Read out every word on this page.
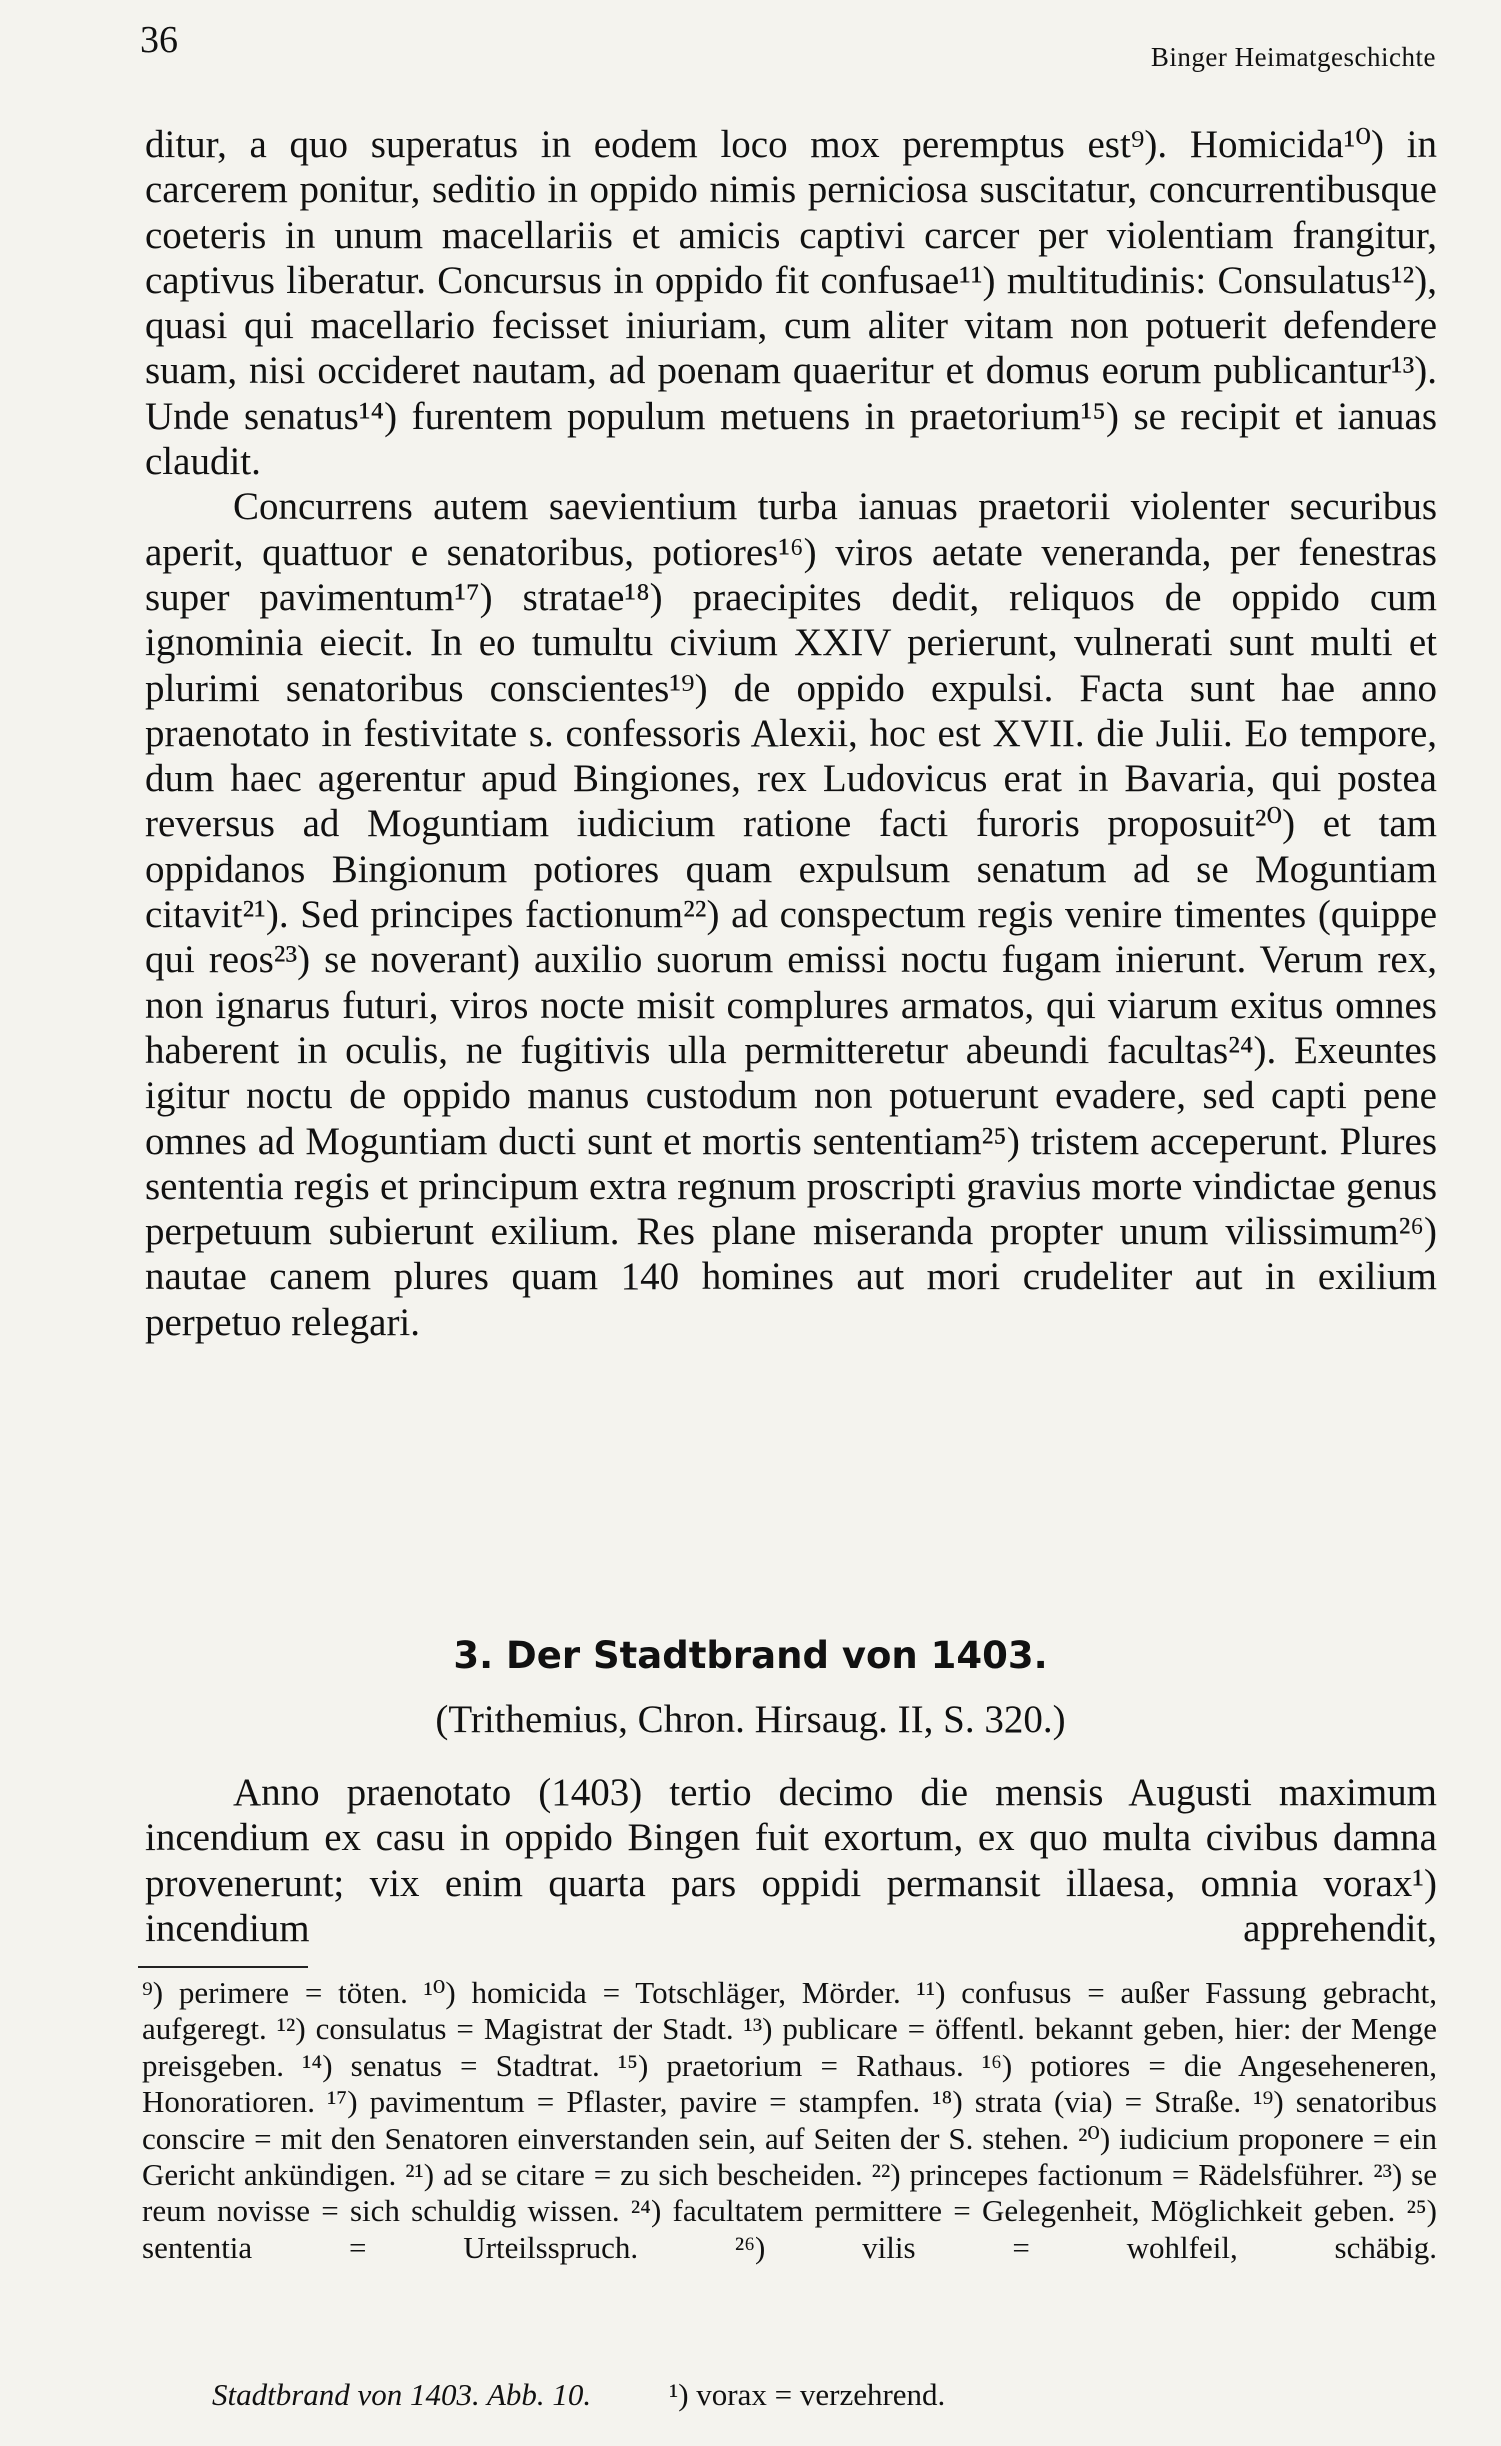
36	Binger Heimatgeschichte

ditur, a quo superatus in eodem loco mox peremptus est⁹). Homicida¹⁰) in carcerem ponitur, seditio in oppido nimis perniciosa suscitatur, concurrentibusque coeteris in unum macellariis et amicis captivi carcer per violentiam frangitur, captivus liberatur. Concursus in oppido fit confusae¹¹) multitudinis: Consulatus¹²), quasi qui macellario fecisset iniuriam, cum aliter vitam non potuerit defendere suam, nisi occideret nautam, ad poenam quaeritur et domus eorum publicantur¹³). Unde senatus¹⁴) furentem populum metuens in praetorium¹⁵) se recipit et ianuas claudit.

Concurrens autem saevientium turba ianuas praetorii violenter securibus aperit, quattuor e senatoribus, potiores¹⁶) viros aetate veneranda, per fenestras super pavimentum¹⁷) stratae¹⁸) praecipites dedit, reliquos de oppido cum ignominia eiecit. In eo tumultu civium XXIV perierunt, vulnerati sunt multi et plurimi senatoribus conscientes¹⁹) de oppido expulsi. Facta sunt hae anno praenotato in festivitate s. confessoris Alexii, hoc est XVII. die Julii. Eo tempore, dum haec agerentur apud Bingiones, rex Ludovicus erat in Bavaria, qui postea reversus ad Moguntiam iudicium ratione facti furoris proposuit²⁰) et tam oppidanos Bingionum potiores quam expulsum senatum ad se Moguntiam citavit²¹). Sed principes factionum²²) ad conspectum regis venire timentes (quippe qui reos²³) se noverant) auxilio suorum emissi noctu fugam inierunt. Verum rex, non ignarus futuri, viros nocte misit complures armatos, qui viarum exitus omnes haberent in oculis, ne fugitivis ulla permitteretur abeundi facultas²⁴). Exeuntes igitur noctu de oppido manus custodum non potuerunt evadere, sed capti pene omnes ad Moguntiam ducti sunt et mortis sententiam²⁵) tristem acceperunt. Plures sententia regis et principum extra regnum proscripti gravius morte vindictae genus perpetuum subierunt exilium. Res plane miseranda propter unum vilissimum²⁶) nautae canem plures quam 140 homines aut mori crudeliter aut in exilium perpetuo relegari.

3. Der Stadtbrand von 1403.
(Trithemius, Chron. Hirsaug. II, S. 320.)

Anno praenotato (1403) tertio decimo die mensis Augusti maximum incendium ex casu in oppido Bingen fuit exortum, ex quo multa civibus damna provenerunt; vix enim quarta pars oppidi permansit illaesa, omnia vorax¹) incendium apprehendit,

⁹) perimere = töten. ¹⁰) homicida = Totschläger, Mörder. ¹¹) confusus = außer Fassung gebracht, aufgeregt. ¹²) consulatus = Magistrat der Stadt. ¹³) publicare = öffentl. bekannt geben, hier: der Menge preisgeben. ¹⁴) senatus = Stadtrat. ¹⁵) praetorium = Rathaus. ¹⁶) potiores = die Angeseheneren, Honoratioren. ¹⁷) pavimentum = Pflaster, pavire = stampfen. ¹⁸) strata (via) = Straße. ¹⁹) senatoribus conscire = mit den Senatoren einverstanden sein, auf Seiten der S. stehen. ²⁰) iudicium proponere = ein Gericht ankündigen. ²¹) ad se citare = zu sich bescheiden. ²²) princepes factionum = Rädelsführer. ²³) se reum novisse = sich schuldig wissen. ²⁴) facultatem permittere = Gelegenheit, Möglichkeit geben. ²⁵) sententia = Urteilsspruch. ²⁶) vilis = wohlfeil, schäbig.

Stadtbrand von 1403. Abb. 10.	¹) vorax = verzehrend.
